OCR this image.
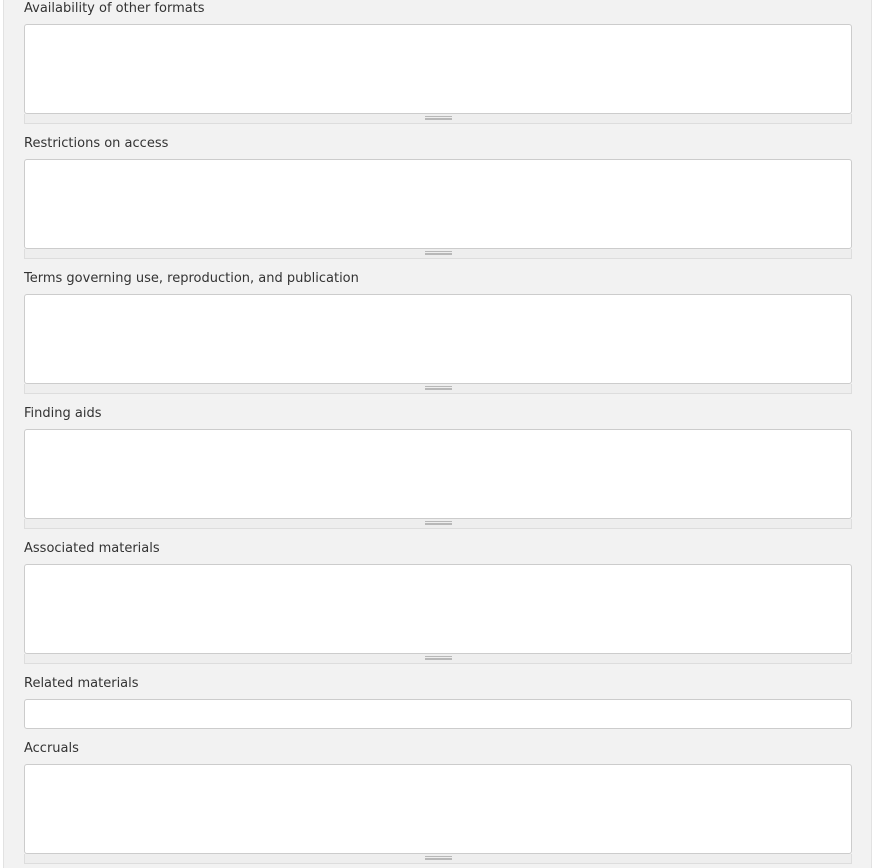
Availability of other formats
Restrictions on access
Terms governing use, reproduction, and publication
Finding aids
Associated materials
Related materials
Accruals
